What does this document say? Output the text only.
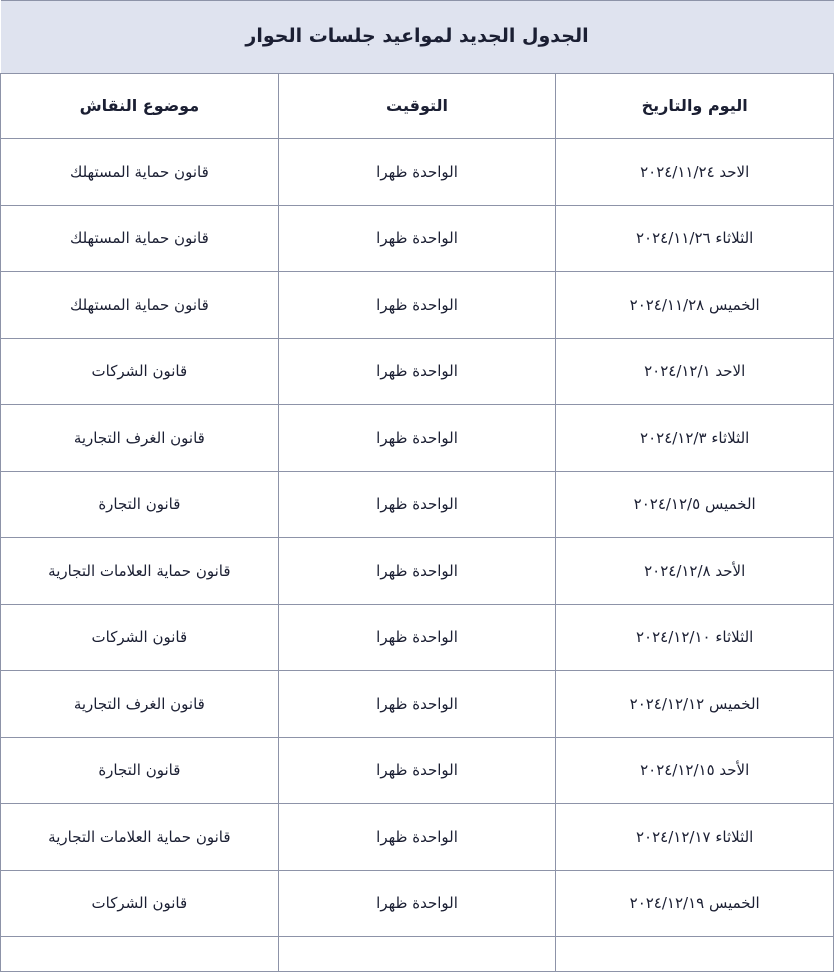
الجدول الجديد لمواعيد جلسات الحوار		

اليوم والتاريخ	التوقيت	موضوع النقاش

الاحد ٢٠٢٤/١١/٢٤	الواحدة ظهرا	قانون حماية المستهلك

الثلاثاء ٢٠٢٤/١١/٢٦	الواحدة ظهرا	قانون حماية المستهلك

الخميس ٢٠٢٤/١١/٢٨	الواحدة ظهرا	قانون حماية المستهلك

الاحد ٢٠٢٤/١٢/١	الواحدة ظهرا	قانون الشركات

الثلاثاء ٢٠٢٤/١٢/٣	الواحدة ظهرا	قانون الغرف التجارية

الخميس ٢٠٢٤/١٢/٥	الواحدة ظهرا	قانون التجارة

الأحد ٢٠٢٤/١٢/٨	الواحدة ظهرا	قانون حماية العلامات التجارية

الثلاثاء ٢٠٢٤/١٢/١٠	الواحدة ظهرا	قانون الشركات

الخميس ٢٠٢٤/١٢/١٢	الواحدة ظهرا	قانون الغرف التجارية

الأحد ٢٠٢٤/١٢/١٥	الواحدة ظهرا	قانون التجارة

الثلاثاء ٢٠٢٤/١٢/١٧	الواحدة ظهرا	قانون حماية العلامات التجارية

الخميس ٢٠٢٤/١٢/١٩	الواحدة ظهرا	قانون الشركات
